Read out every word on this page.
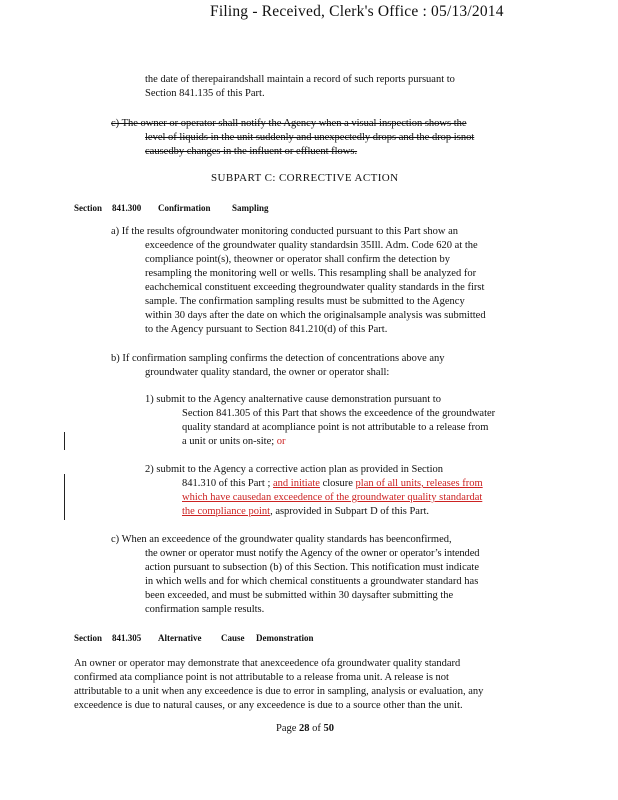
Filing - Received, Clerk's Office : 05/13/2014
the date of therepairandshall maintain a record of such reports pursuant to
Section 841.135 of this Part.
c) The owner or operator shall notify the Agency when a visual inspection shows the
level of liquids in the unit suddenly and unexpectedly drops and the drop isnot
causedby changes in the influent or effluent flows.
SUBPART C: CORRECTIVE ACTION
Section 841.300 Confirmation Sampling
a) If the results ofgroundwater monitoring conducted pursuant to this Part show an
exceedence of the groundwater quality standardsin 35Ill. Adm. Code 620 at the
compliance point(s), theowner or operator shall confirm the detection by
resampling the monitoring well or wells. This resampling shall be analyzed for
eachchemical constituent exceeding thegroundwater quality standards in the first
sample. The confirmation sampling results must be submitted to the Agency
within 30 days after the date on which the originalsample analysis was submitted
to the Agency pursuant to Section 841.210(d) of this Part.
b) If confirmation sampling confirms the detection of concentrations above any
groundwater quality standard, the owner or operator shall:
1) submit to the Agency analternative cause demonstration pursuant to
Section 841.305 of this Part that shows the exceedence of the groundwater
quality standard at acompliance point is not attributable to a release from
a unit or units on-site; or
2) submit to the Agency a corrective action plan as provided in Section
841.310 of this Part ; and initiate closure plan of all units, releases from
which have causedan exceedence of the groundwater quality standardat
the compliance point, asprovided in Subpart D of this Part.
c) When an exceedence of the groundwater quality standards has beenconfirmed,
the owner or operator must notify the Agency of the owner or operator’s intended
action pursuant to subsection (b) of this Section. This notification must indicate
in which wells and for which chemical constituents a groundwater standard has
been exceeded, and must be submitted within 30 daysafter submitting the
confirmation sample results.
Section 841.305 Alternative Cause Demonstration
An owner or operator may demonstrate that anexceedence ofa groundwater quality standard
confirmed ata compliance point is not attributable to a release froma unit. A release is not
attributable to a unit when any exceedence is due to error in sampling, analysis or evaluation, any
exceedence is due to natural causes, or any exceedence is due to a source other than the unit.
Page 28 of 50
